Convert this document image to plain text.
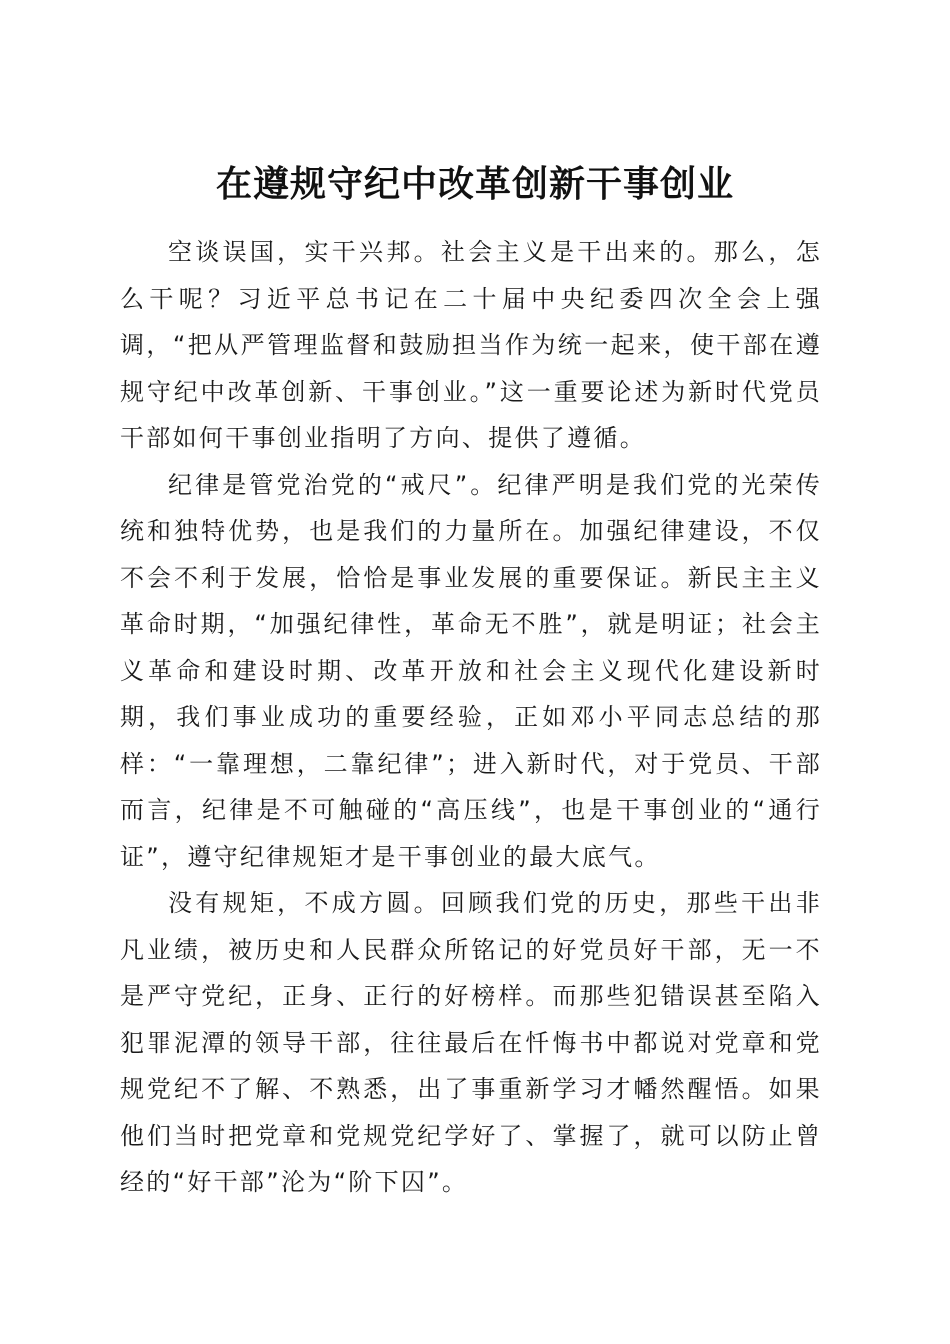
在遵规守纪中改革创新干事创业

空谈误国，实干兴邦。社会主义是干出来的。那么，怎么干呢？习近平总书记在二十届中央纪委四次全会上强调，“把从严管理监督和鼓励担当作为统一起来，使干部在遵规守纪中改革创新、干事创业。”这一重要论述为新时代党员干部如何干事创业指明了方向、提供了遵循。

纪律是管党治党的“戒尺”。纪律严明是我们党的光荣传统和独特优势，也是我们的力量所在。加强纪律建设，不仅不会不利于发展，恰恰是事业发展的重要保证。新民主主义革命时期，“加强纪律性，革命无不胜”，就是明证；社会主义革命和建设时期、改革开放和社会主义现代化建设新时期，我们事业成功的重要经验，正如邓小平同志总结的那样：“一靠理想，二靠纪律”；进入新时代，对于党员、干部而言，纪律是不可触碰的“高压线”，也是干事创业的“通行证”，遵守纪律规矩才是干事创业的最大底气。

没有规矩，不成方圆。回顾我们党的历史，那些干出非凡业绩，被历史和人民群众所铭记的好党员好干部，无一不是严守党纪，正身、正行的好榜样。而那些犯错误甚至陷入犯罪泥潭的领导干部，往往最后在忏悔书中都说对党章和党规党纪不了解、不熟悉，出了事重新学习才幡然醒悟。如果他们当时把党章和党规党纪学好了、掌握了，就可以防止曾经的“好干部”沦为“阶下囚”。
